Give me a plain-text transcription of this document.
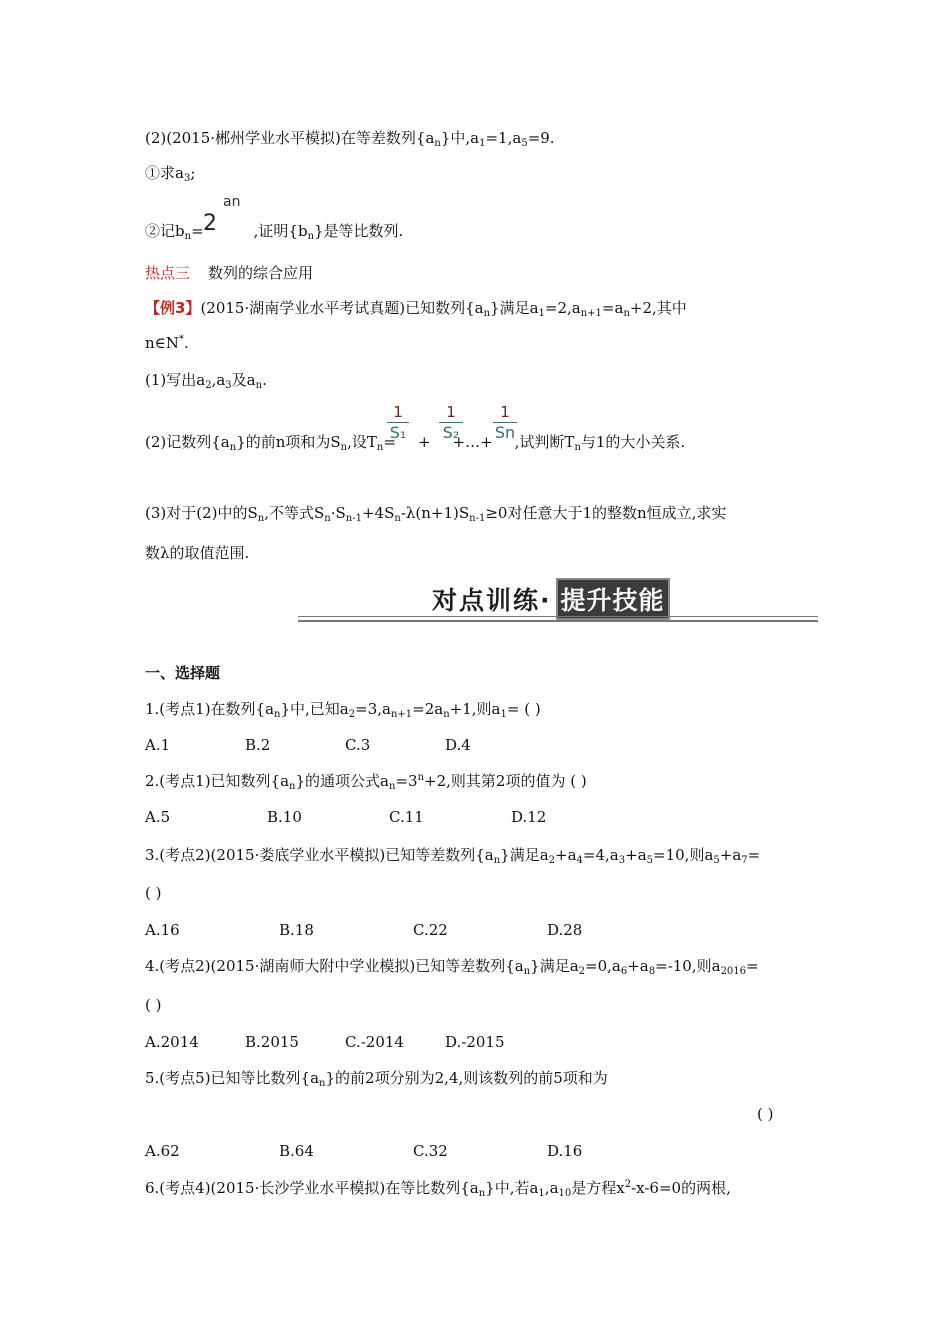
(2)(2015·郴州学业水平模拟)在等差数列$\{a_n\}$中$,a_1=1,a_5=9$.
①求$a_3$;
②记$b_n=$	,证明$\{b_n\}$是等比数列.
2
an
热点三 数列的综合应用
【例3】(2015·湖南学业水平考试真题)已知数列$\{a_n\}$满足$a_1=2,a_{n+1}=a_n+2$,其中
n∈N*.
(1)写出$a_2,a_3$及$a_n$.
(2)记数列$\{a_n\}$的前n项和为$S_n$,设$T_n=$ + +…+ ,试判断$T_n$与1的大小关系.
1
S₁
1
S₂
1
Sn
(3)对于(2)中的$S_n$,不等式$S_n\cdot S_{n-1}+4S_n-\lambda(n+1)S_{n-1}\ge 0$对任意大于1的整数n恒成立,求实
数λ的取值范围.
对点训练· 提升技能
一、选择题
1.(考点1)在数列$\{a_n\}$中,已知$a_2=3,a_{n+1}=2a_n+1$,则$a_1=$ ( )
A.1	B.2	C.3	D.4
2.(考点1)已知数列$\{a_n\}$的通项公式$a_n=3^n+2$,则其第2项的值为 ( )
A.5	B.10	C.11	D.12
3.(考点2)(2015·娄底学业水平模拟)已知等差数列$\{a_n\}$满足$a_2+a_4=4,a_3+a_5=10$,则$a_5+a_7=$
( )
A.16	B.18	C.22	D.28
4.(考点2)(2015·湖南师大附中学业模拟)已知等差数列$\{a_n\}$满足$a_2=0,a_6+a_8=-10$,则$a_{2016}=$
( )
A.2014	B.2015	C.-2014	D.-2015
5.(考点5)已知等比数列$\{a_n\}$的前2项分别为2,4,则该数列的前5项和为
( )
A.62	B.64	C.32	D.16
6.(考点4)(2015·长沙学业水平模拟)在等比数列$\{a_n\}$中,若$a_1,a_{10}$是方程$x^2-x-6=0$的两根,
